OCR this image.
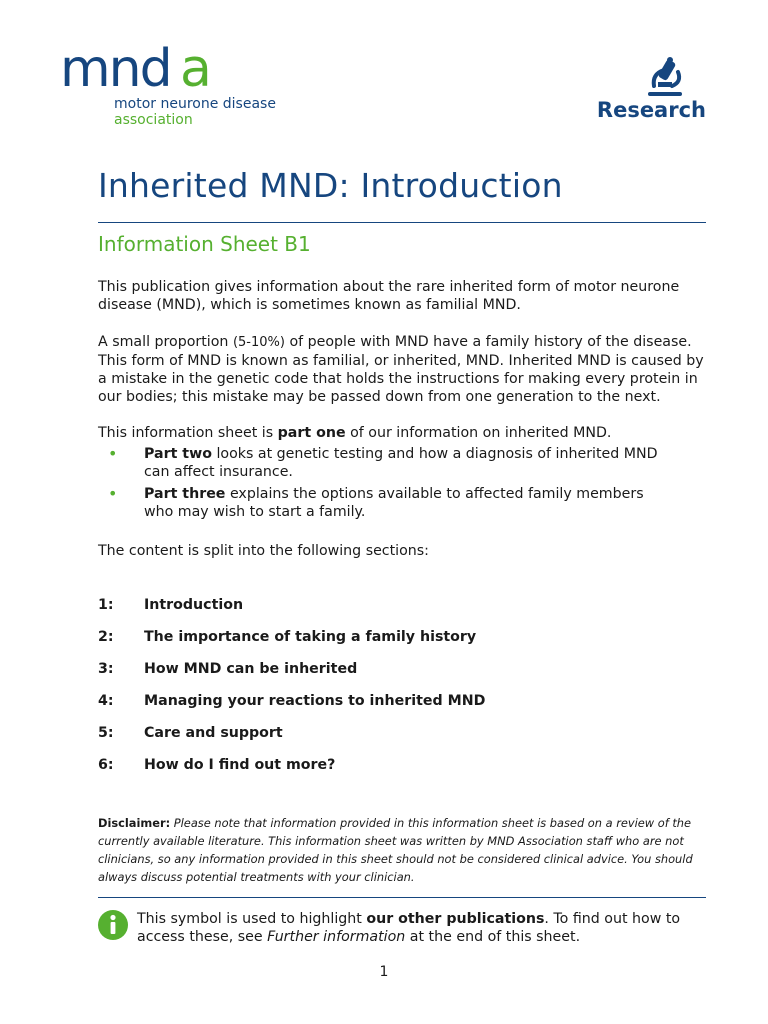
mnd a
motor neurone disease
association	Research
Inherited MND: Introduction
Information Sheet B1

This publication gives information about the rare inherited form of motor neurone disease (MND), which is sometimes known as familial MND.

A small proportion (5-10%) of people with MND have a family history of the disease. This form of MND is known as familial, or inherited, MND. Inherited MND is caused by a mistake in the genetic code that holds the instructions for making every protein in our bodies; this mistake may be passed down from one generation to the next.

This information sheet is part one of our information on inherited MND.

• Part two looks at genetic testing and how a diagnosis of inherited MND can affect insurance.
• Part three explains the options available to affected family members who may wish to start a family.

The content is split into the following sections:

1: Introduction
2: The importance of taking a family history
3: How MND can be inherited
4: Managing your reactions to inherited MND
5: Care and support
6: How do I find out more?

Disclaimer: Please note that information provided in this information sheet is based on a review of the currently available literature. This information sheet was written by MND Association staff who are not clinicians, so any information provided in this sheet should not be considered clinical advice. You should always discuss potential treatments with your clinician.

This symbol is used to highlight our other publications. To find out how to access these, see Further information at the end of this sheet.

1
